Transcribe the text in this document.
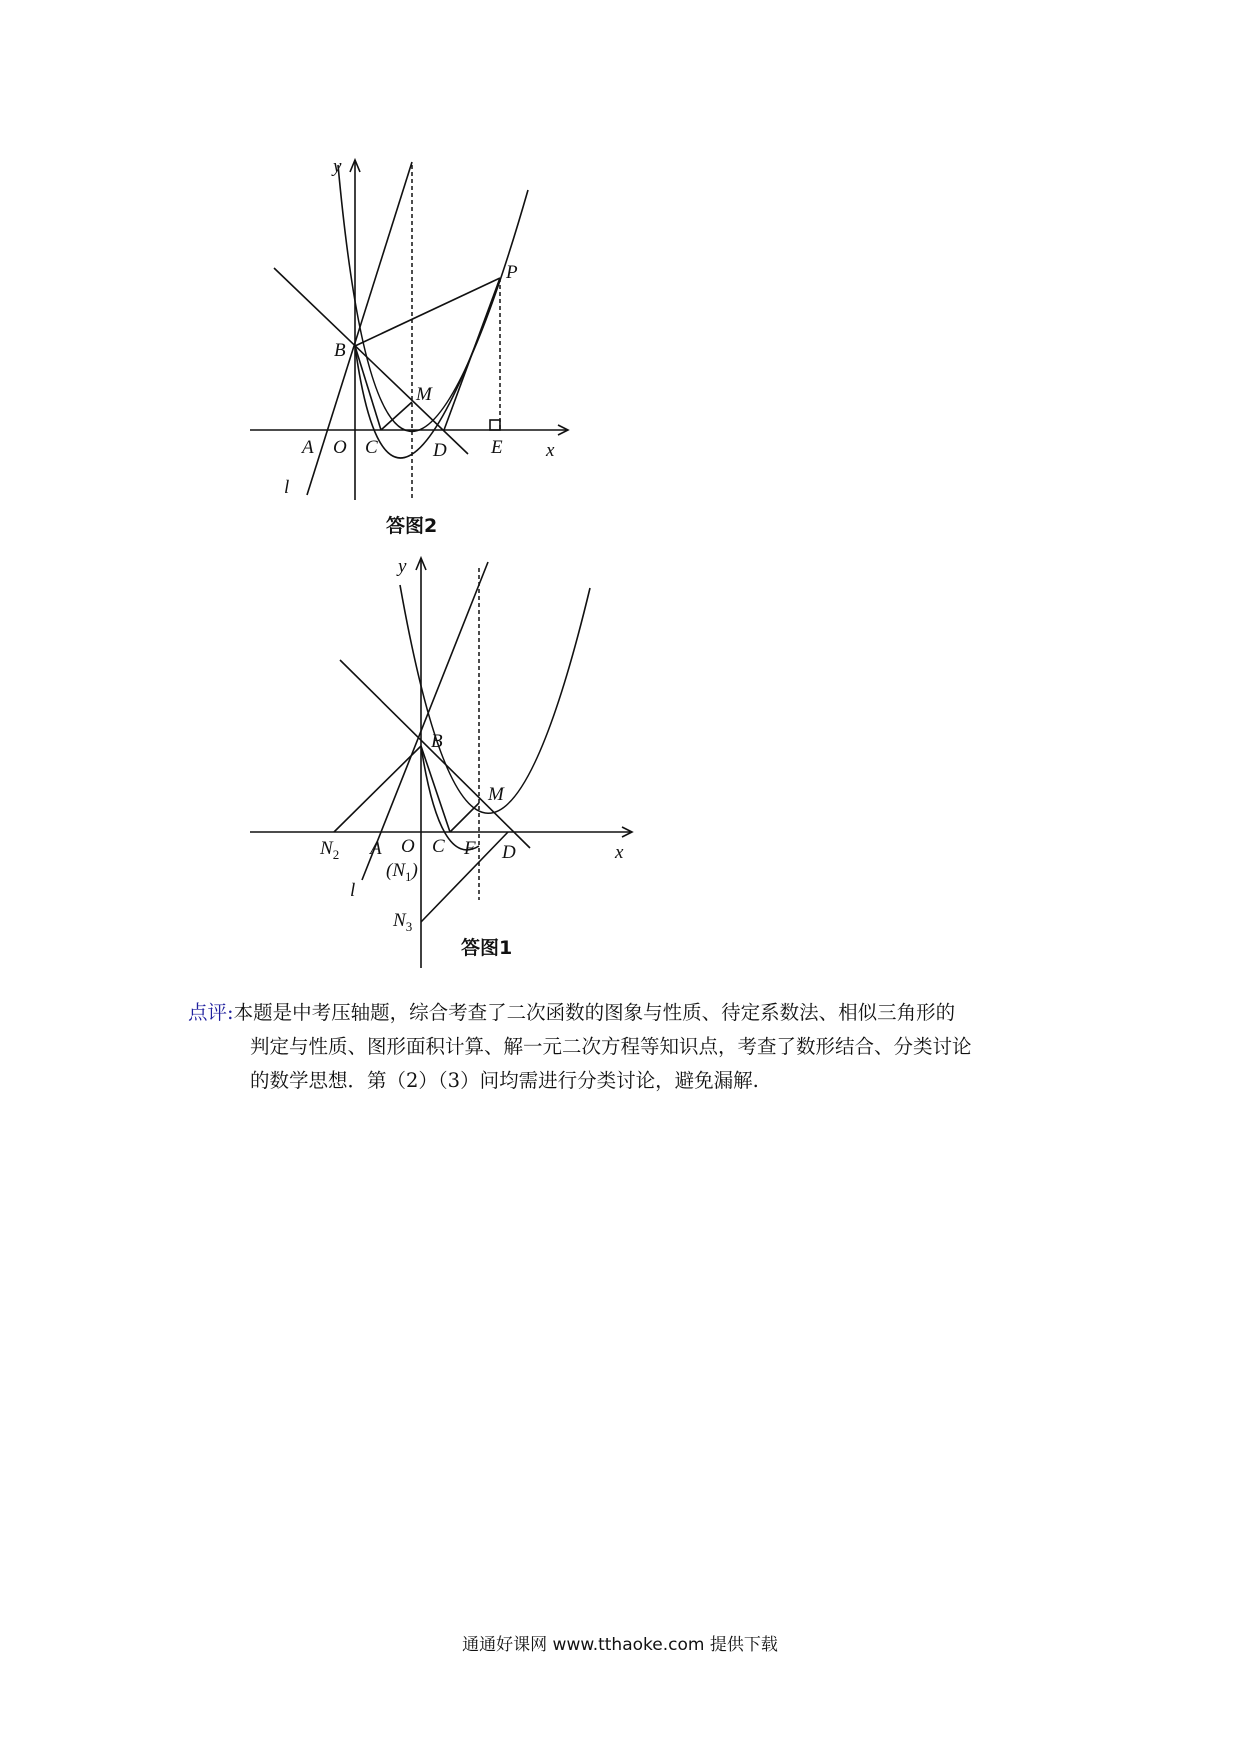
y
P
B
M
A O C	D E x
l
答图2
y
B
M
$N_2$ A O C F D	x
$(N_1)$
l
$N_3$
答图1
点评:本题是中考压轴题，综合考查了二次函数的图象与性质、待定系数法、相似三角形的
判定与性质、图形面积计算、解一元二次方程等知识点，考查了数形结合、分类讨论
的数学思想．第（2）（3）问均需进行分类讨论，避免漏解.
通通好课网 www.tthaoke.com 提供下载
